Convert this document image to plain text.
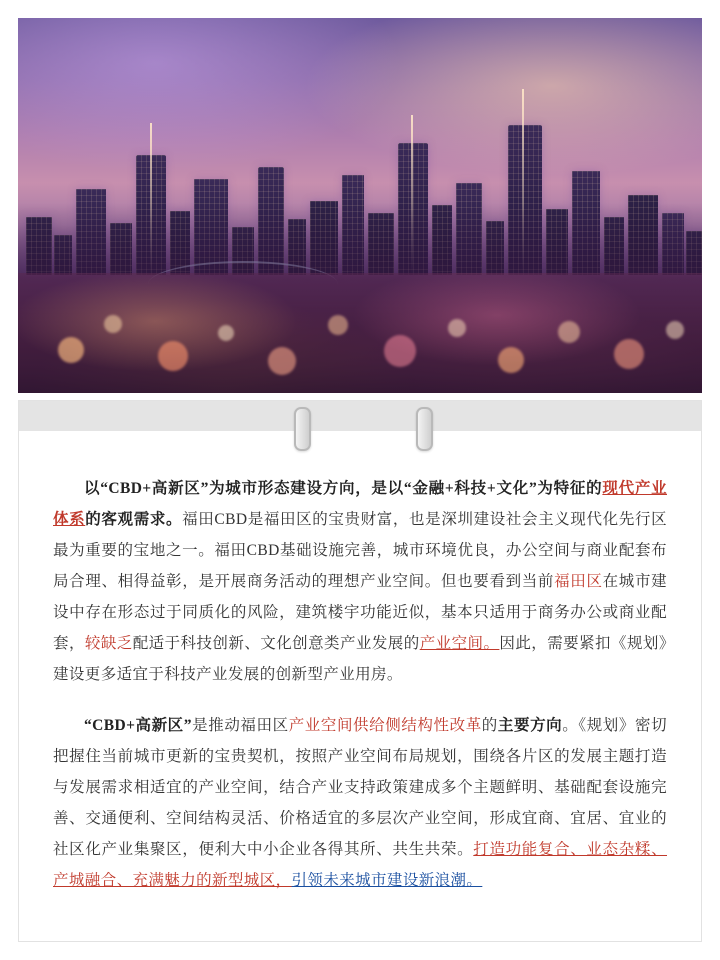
以“CBD+高新区”为城市形态建设方向，是以“金融+科技+文化”为特征的现代产业体系的客观需求。福田CBD是福田区的宝贵财富，也是深圳建设社会主义现代化先行区最为重要的宝地之一。福田CBD基础设施完善，城市环境优良，办公空间与商业配套布局合理、相得益彰，是开展商务活动的理想产业空间。但也要看到当前福田区在城市建设中存在形态过于同质化的风险，建筑楼宇功能近似，基本只适用于商务办公或商业配套，较缺乏配适于科技创新、文化创意类产业发展的产业空间。因此，需要紧扣《规划》建设更多适宜于科技产业发展的创新型产业用房。

“CBD+高新区”是推动福田区产业空间供给侧结构性改革的主要方向。《规划》密切把握住当前城市更新的宝贵契机，按照产业空间布局规划，围绕各片区的发展主题打造与发展需求相适宜的产业空间，结合产业支持政策建成多个主题鲜明、基础配套设施完善、交通便利、空间结构灵活、价格适宜的多层次产业空间，形成宜商、宜居、宜业的社区化产业集聚区，便利大中小企业各得其所、共生共荣。打造功能复合、业态杂糅、产城融合、充满魅力的新型城区，引领未来城市建设新浪潮。
